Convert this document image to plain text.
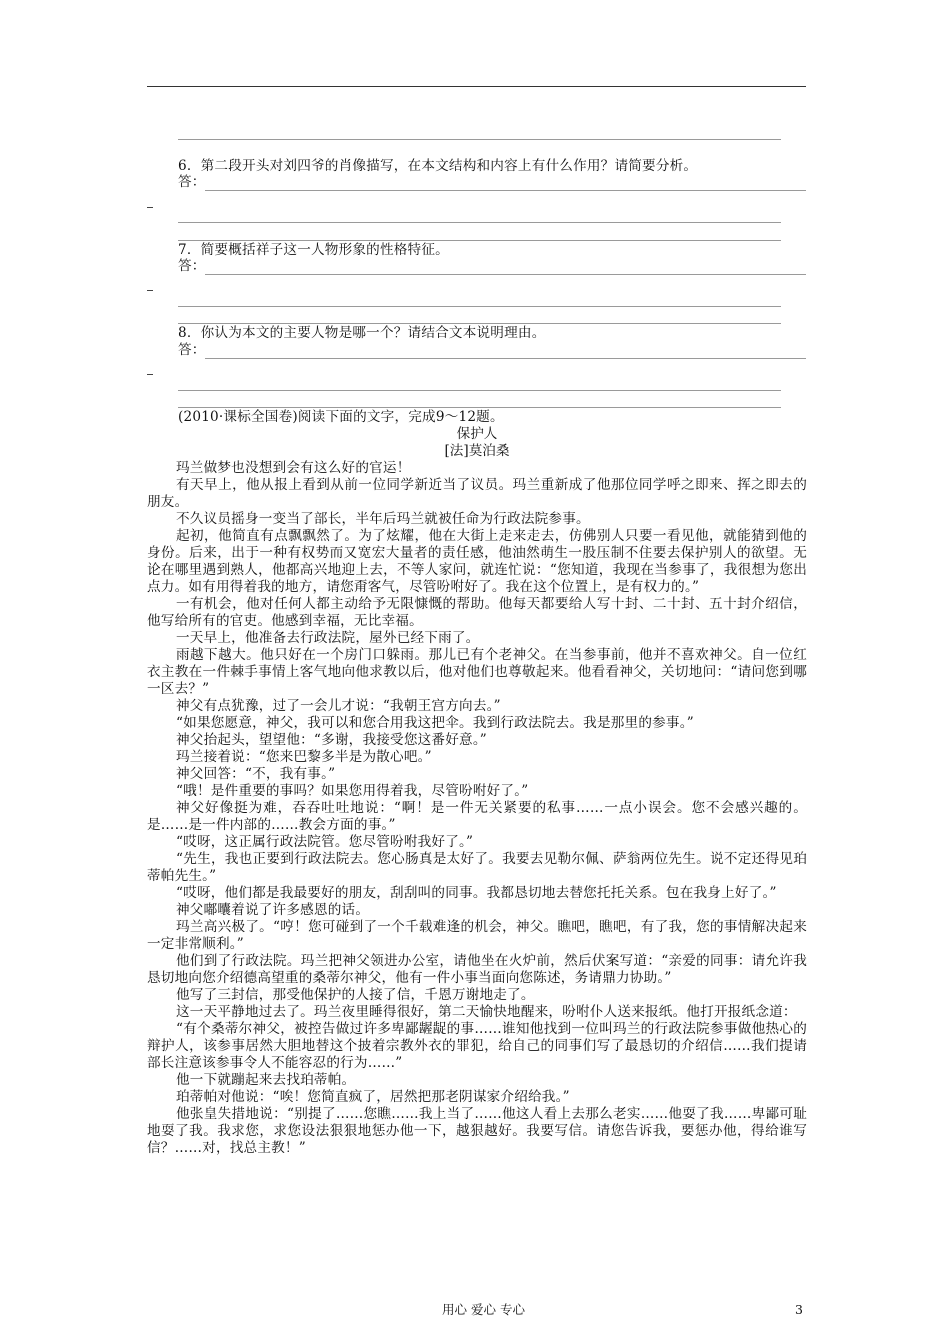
6．第二段开头对刘四爷的肖像描写，在本文结构和内容上有什么作用？请简要分析。
答：
7．简要概括祥子这一人物形象的性格特征。
答：
8．你认为本文的主要人物是哪一个？请结合文本说明理由。
答：
(2010·课标全国卷)阅读下面的文字，完成9～12题。
保护人
[法]莫泊桑

玛兰做梦也没想到会有这么好的官运！

有天早上，他从报上看到从前一位同学新近当了议员。玛兰重新成了他那位同学呼之即来、挥之即去的朋友。

不久议员摇身一变当了部长，半年后玛兰就被任命为行政法院参事。

起初，他简直有点飘飘然了。为了炫耀，他在大街上走来走去，仿佛别人只要一看见他，就能猜到他的身份。后来，出于一种有权势而又宽宏大量者的责任感，他油然萌生一股压制不住要去保护别人的欲望。无论在哪里遇到熟人，他都高兴地迎上去，不等人家问，就连忙说：“您知道，我现在当参事了，我很想为您出点力。如有用得着我的地方，请您甭客气，尽管吩咐好了。我在这个位置上，是有权力的。”

一有机会，他对任何人都主动给予无限慷慨的帮助。他每天都要给人写十封、二十封、五十封介绍信，他写给所有的官吏。他感到幸福，无比幸福。

一天早上，他准备去行政法院，屋外已经下雨了。

雨越下越大。他只好在一个房门口躲雨。那儿已有个老神父。在当参事前，他并不喜欢神父。自一位红衣主教在一件棘手事情上客气地向他求教以后，他对他们也尊敬起来。他看看神父，关切地问：“请问您到哪一区去？”

神父有点犹豫，过了一会儿才说：“我朝王宫方向去。”

“如果您愿意，神父，我可以和您合用我这把伞。我到行政法院去。我是那里的参事。”

神父抬起头，望望他：“多谢，我接受您这番好意。”

玛兰接着说：“您来巴黎多半是为散心吧。”

神父回答：“不，我有事。”

“哦！是件重要的事吗？如果您用得着我，尽管吩咐好了。”

神父好像挺为难，吞吞吐吐地说：“啊！是一件无关紧要的私事……一点小误会。您不会感兴趣的。是……是一件内部的……教会方面的事。”

“哎呀，这正属行政法院管。您尽管吩咐我好了。”

“先生，我也正要到行政法院去。您心肠真是太好了。我要去见勒尔佩、萨翁两位先生。说不定还得见珀蒂帕先生。”

“哎呀，他们都是我最要好的朋友，刮刮叫的同事。我都恳切地去替您托托关系。包在我身上好了。”

神父嘟囔着说了许多感恩的话。

玛兰高兴极了。“哼！您可碰到了一个千载难逢的机会，神父。瞧吧，瞧吧，有了我，您的事情解决起来一定非常顺利。”

他们到了行政法院。玛兰把神父领进办公室，请他坐在火炉前，然后伏案写道：“亲爱的同事：请允许我恳切地向您介绍德高望重的桑蒂尔神父，他有一件小事当面向您陈述，务请鼎力协助。”

他写了三封信，那受他保护的人接了信，千恩万谢地走了。

这一天平静地过去了。玛兰夜里睡得很好，第二天愉快地醒来，吩咐仆人送来报纸。他打开报纸念道：

“有个桑蒂尔神父，被控告做过许多卑鄙龌龊的事……谁知他找到一位叫玛兰的行政法院参事做他热心的辩护人，该参事居然大胆地替这个披着宗教外衣的罪犯，给自己的同事们写了最恳切的介绍信……我们提请部长注意该参事令人不能容忍的行为……”

他一下就蹦起来去找珀蒂帕。

珀蒂帕对他说：“唉！您简直疯了，居然把那老阴谋家介绍给我。”

他张皇失措地说：“别提了……您瞧……我上当了……他这人看上去那么老实……他耍了我……卑鄙可耻地耍了我。我求您，求您设法狠狠地惩办他一下，越狠越好。我要写信。请您告诉我，要惩办他，得给谁写信？……对，找总主教！”

用心 爱心 专心	3
